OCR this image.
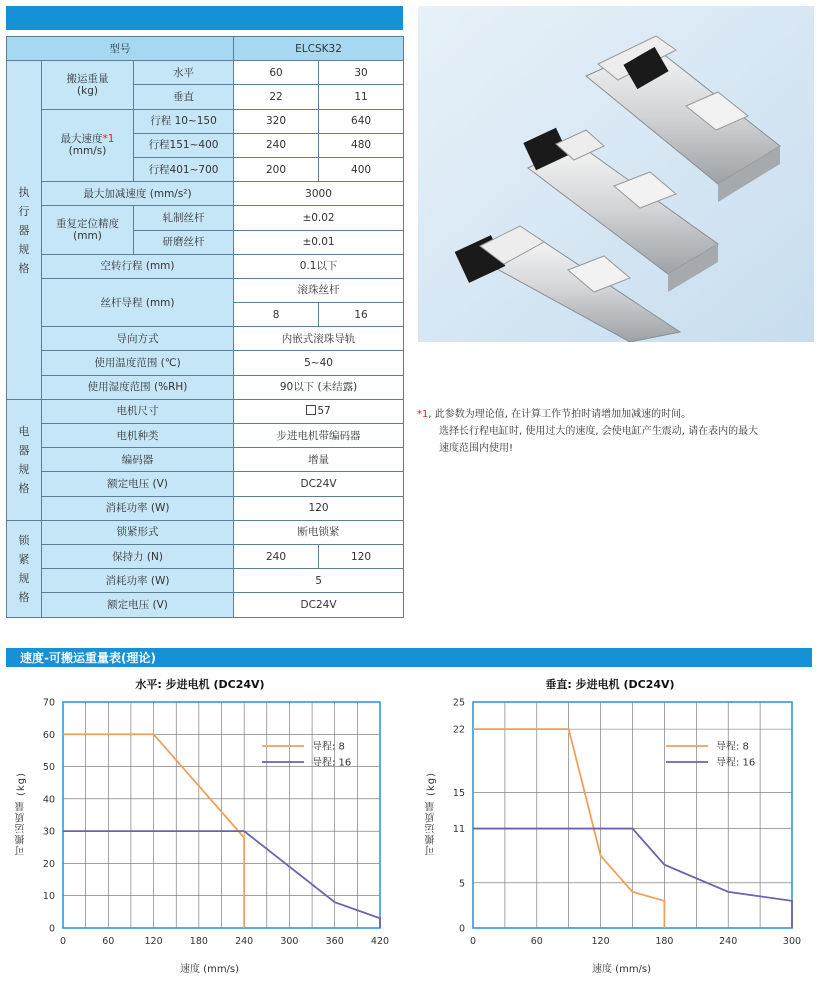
型号			ELCSK32	
执行器规格	搬运重量
(kg)	水平	60	30
		垂直	22	11
	最大速度*1
(mm/s)	行程 10~150	320	640
		行程151~400	240	480
		行程401~700	200	400
	最大加减速度 (mm/s²)		3000	
	重复定位精度
(mm)	轧制丝杆	±0.02	
		研磨丝杆	±0.01	
	空转行程 (mm)		0.1以下	
	丝杆导程 (mm)		滚珠丝杆	
			8	16
	导向方式		内嵌式滚珠导轨	
	使用温度范围 (℃)		5~40	
	使用湿度范围 (%RH)		90以下 (未结露)	
电器规格	电机尺寸		57	
	电机种类		步进电机带编码器	
	编码器		增量	
	额定电压 (V)		DC24V	
	消耗功率 (W)		120	
锁紧规格	锁紧形式		断电锁紧	
	保持力 (N)		240	120
	消耗功率 (W)		5	
	额定电压 (V)		DC24V	
*1, 此参数为理论值, 在计算工作节拍时请增加加减速的时间。
选择长行程电缸时, 使用过大的速度, 会使电缸产生震动, 请在表内的最大
速度范围内使用!
速度-可搬运重量表(理论)
水平: 步进电机 (DC24V)
可搬运质量 (kg)
速度 (mm/s)
0	60	120	180	240	300	360	420
0
10
20
30
40
50
60
70
导程: 8
导程: 16
垂直: 步进电机 (DC24V)
可搬运质量 (kg)
速度 (mm/s)
0	60	120	180	240	300
0
5
11
15
22
25
导程: 8
导程: 16
